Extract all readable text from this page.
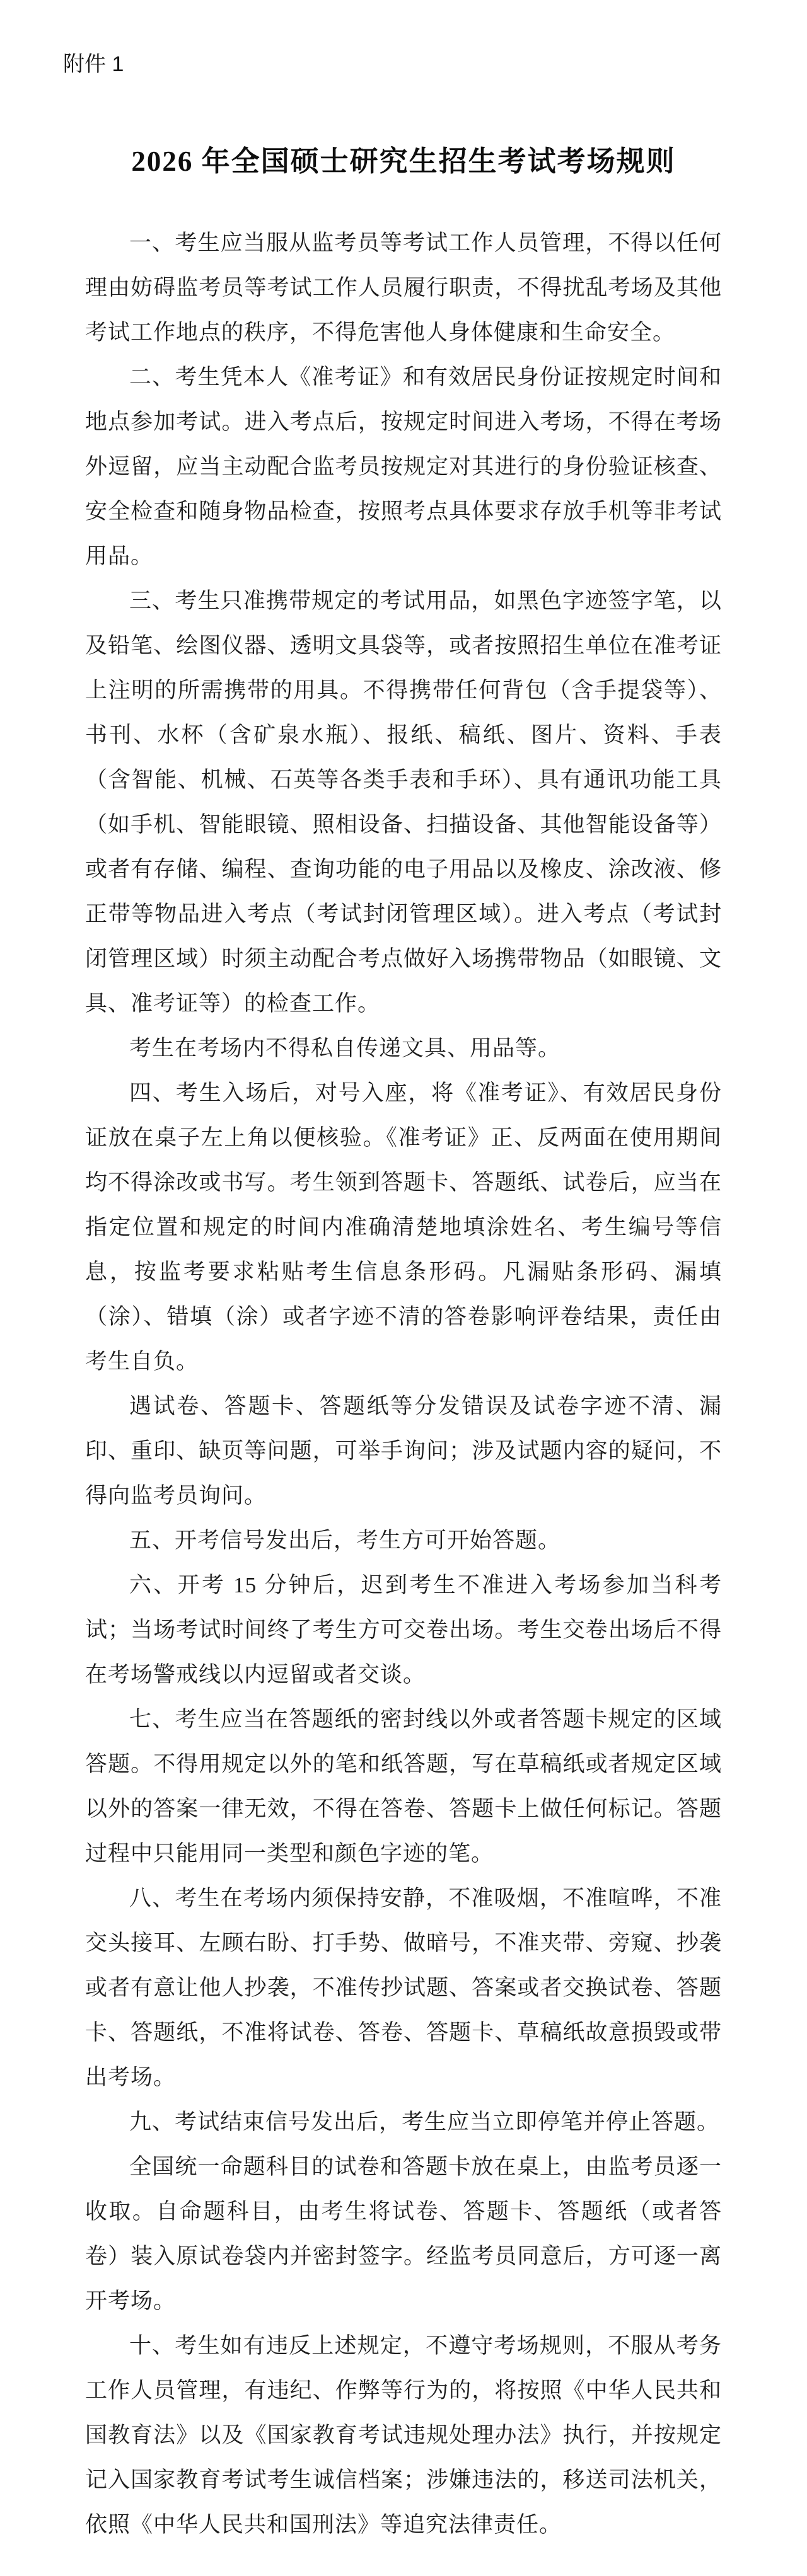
附件 1
2026 年全国硕士研究生招生考试考场规则

一、考生应当服从监考员等考试工作人员管理，不得以任何理由妨碍监考员等考试工作人员履行职责，不得扰乱考场及其他考试工作地点的秩序，不得危害他人身体健康和生命安全。

二、考生凭本人《准考证》和有效居民身份证按规定时间和地点参加考试。进入考点后，按规定时间进入考场，不得在考场外逗留，应当主动配合监考员按规定对其进行的身份验证核查、安全检查和随身物品检查，按照考点具体要求存放手机等非考试用品。

三、考生只准携带规定的考试用品，如黑色字迹签字笔，以及铅笔、绘图仪器、透明文具袋等，或者按照招生单位在准考证上注明的所需携带的用具。不得携带任何背包（含手提袋等）、书刊、水杯（含矿泉水瓶）、报纸、稿纸、图片、资料、手表（含智能、机械、石英等各类手表和手环）、具有通讯功能工具（如手机、智能眼镜、照相设备、扫描设备、其他智能设备等）或者有存储、编程、查询功能的电子用品以及橡皮、涂改液、修正带等物品进入考点（考试封闭管理区域）。进入考点（考试封闭管理区域）时须主动配合考点做好入场携带物品（如眼镜、文具、准考证等）的检查工作。

考生在考场内不得私自传递文具、用品等。

四、考生入场后，对号入座，将《准考证》、有效居民身份证放在桌子左上角以便核验。《准考证》正、反两面在使用期间均不得涂改或书写。考生领到答题卡、答题纸、试卷后，应当在指定位置和规定的时间内准确清楚地填涂姓名、考生编号等信息，按监考要求粘贴考生信息条形码。凡漏贴条形码、漏填（涂）、错填（涂）或者字迹不清的答卷影响评卷结果，责任由考生自负。

遇试卷、答题卡、答题纸等分发错误及试卷字迹不清、漏印、重印、缺页等问题，可举手询问；涉及试题内容的疑问，不得向监考员询问。

五、开考信号发出后，考生方可开始答题。

六、开考 15 分钟后，迟到考生不准进入考场参加当科考试；当场考试时间终了考生方可交卷出场。考生交卷出场后不得在考场警戒线以内逗留或者交谈。

七、考生应当在答题纸的密封线以外或者答题卡规定的区域答题。不得用规定以外的笔和纸答题，写在草稿纸或者规定区域以外的答案一律无效，不得在答卷、答题卡上做任何标记。答题过程中只能用同一类型和颜色字迹的笔。

八、考生在考场内须保持安静，不准吸烟，不准喧哗，不准交头接耳、左顾右盼、打手势、做暗号，不准夹带、旁窥、抄袭或者有意让他人抄袭，不准传抄试题、答案或者交换试卷、答题卡、答题纸，不准将试卷、答卷、答题卡、草稿纸故意损毁或带出考场。

九、考试结束信号发出后，考生应当立即停笔并停止答题。

全国统一命题科目的试卷和答题卡放在桌上，由监考员逐一收取。自命题科目，由考生将试卷、答题卡、答题纸（或者答卷）装入原试卷袋内并密封签字。经监考员同意后，方可逐一离开考场。

十、考生如有违反上述规定，不遵守考场规则，不服从考务工作人员管理，有违纪、作弊等行为的，将按照《中华人民共和国教育法》以及《国家教育考试违规处理办法》执行，并按规定记入国家教育考试考生诚信档案；涉嫌违法的，移送司法机关，依照《中华人民共和国刑法》等追究法律责任。
